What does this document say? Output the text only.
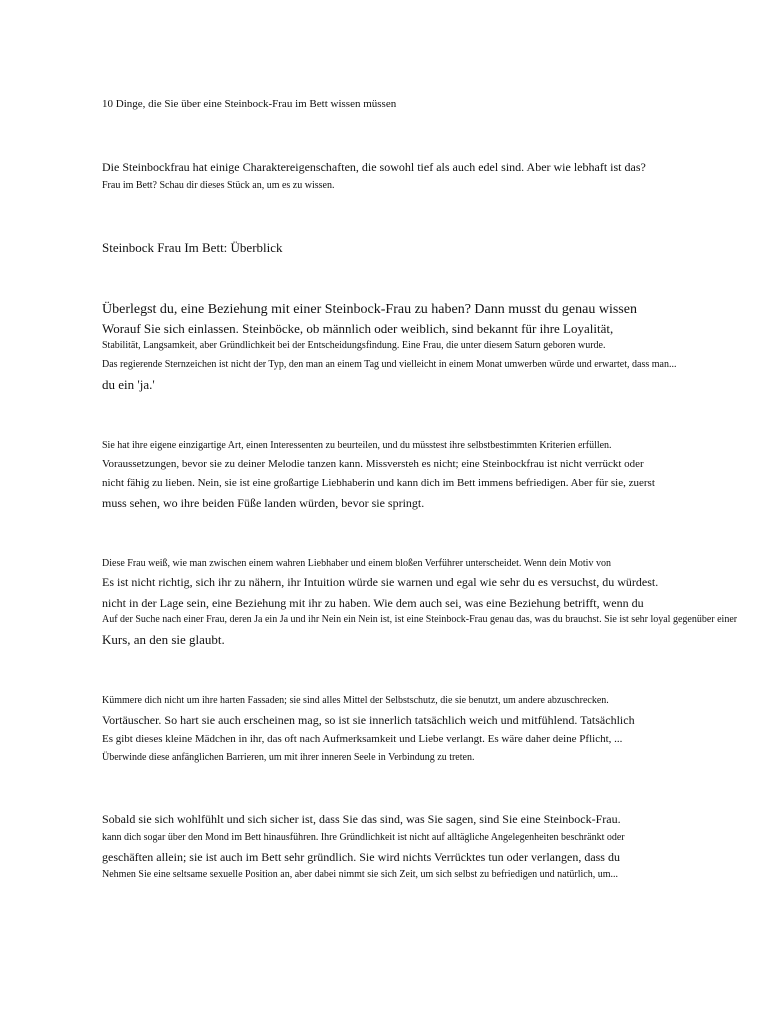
10 Dinge, die Sie über eine Steinbock-Frau im Bett wissen müssen
Die Steinbockfrau hat einige Charaktereigenschaften, die sowohl tief als auch edel sind. Aber wie lebhaft ist das?
Frau im Bett? Schau dir dieses Stück an, um es zu wissen.
Steinbock Frau Im Bett: Überblick
Überlegst du, eine Beziehung mit einer Steinbock-Frau zu haben? Dann musst du genau wissen
Worauf Sie sich einlassen. Steinböcke, ob männlich oder weiblich, sind bekannt für ihre Loyalität,
Stabilität, Langsamkeit, aber Gründlichkeit bei der Entscheidungsfindung. Eine Frau, die unter diesem Saturn geboren wurde.
Das regierende Sternzeichen ist nicht der Typ, den man an einem Tag und vielleicht in einem Monat umwerben würde und erwartet, dass man...
du ein 'ja.'
Sie hat ihre eigene einzigartige Art, einen Interessenten zu beurteilen, und du müsstest ihre selbstbestimmten Kriterien erfüllen.
Voraussetzungen, bevor sie zu deiner Melodie tanzen kann. Missversteh es nicht; eine Steinbockfrau ist nicht verrückt oder
nicht fähig zu lieben. Nein, sie ist eine großartige Liebhaberin und kann dich im Bett immens befriedigen. Aber für sie, zuerst
muss sehen, wo ihre beiden Füße landen würden, bevor sie springt.
Diese Frau weiß, wie man zwischen einem wahren Liebhaber und einem bloßen Verführer unterscheidet. Wenn dein Motiv von
Es ist nicht richtig, sich ihr zu nähern, ihr Intuition würde sie warnen und egal wie sehr du es versuchst, du würdest.
nicht in der Lage sein, eine Beziehung mit ihr zu haben. Wie dem auch sei, was eine Beziehung betrifft, wenn du
Auf der Suche nach einer Frau, deren Ja ein Ja und ihr Nein ein Nein ist, ist eine Steinbock-Frau genau das, was du brauchst. Sie ist sehr loyal gegenüber einer
Kurs, an den sie glaubt.
Kümmere dich nicht um ihre harten Fassaden; sie sind alles Mittel der Selbstschutz, die sie benutzt, um andere abzuschrecken.
Vortäuscher. So hart sie auch erscheinen mag, so ist sie innerlich tatsächlich weich und mitfühlend. Tatsächlich
Es gibt dieses kleine Mädchen in ihr, das oft nach Aufmerksamkeit und Liebe verlangt. Es wäre daher deine Pflicht, ...
Überwinde diese anfänglichen Barrieren, um mit ihrer inneren Seele in Verbindung zu treten.
Sobald sie sich wohlfühlt und sich sicher ist, dass Sie das sind, was Sie sagen, sind Sie eine Steinbock-Frau.
kann dich sogar über den Mond im Bett hinausführen. Ihre Gründlichkeit ist nicht auf alltägliche Angelegenheiten beschränkt oder
geschäften allein; sie ist auch im Bett sehr gründlich. Sie wird nichts Verrücktes tun oder verlangen, dass du
Nehmen Sie eine seltsame sexuelle Position an, aber dabei nimmt sie sich Zeit, um sich selbst zu befriedigen und natürlich, um...
